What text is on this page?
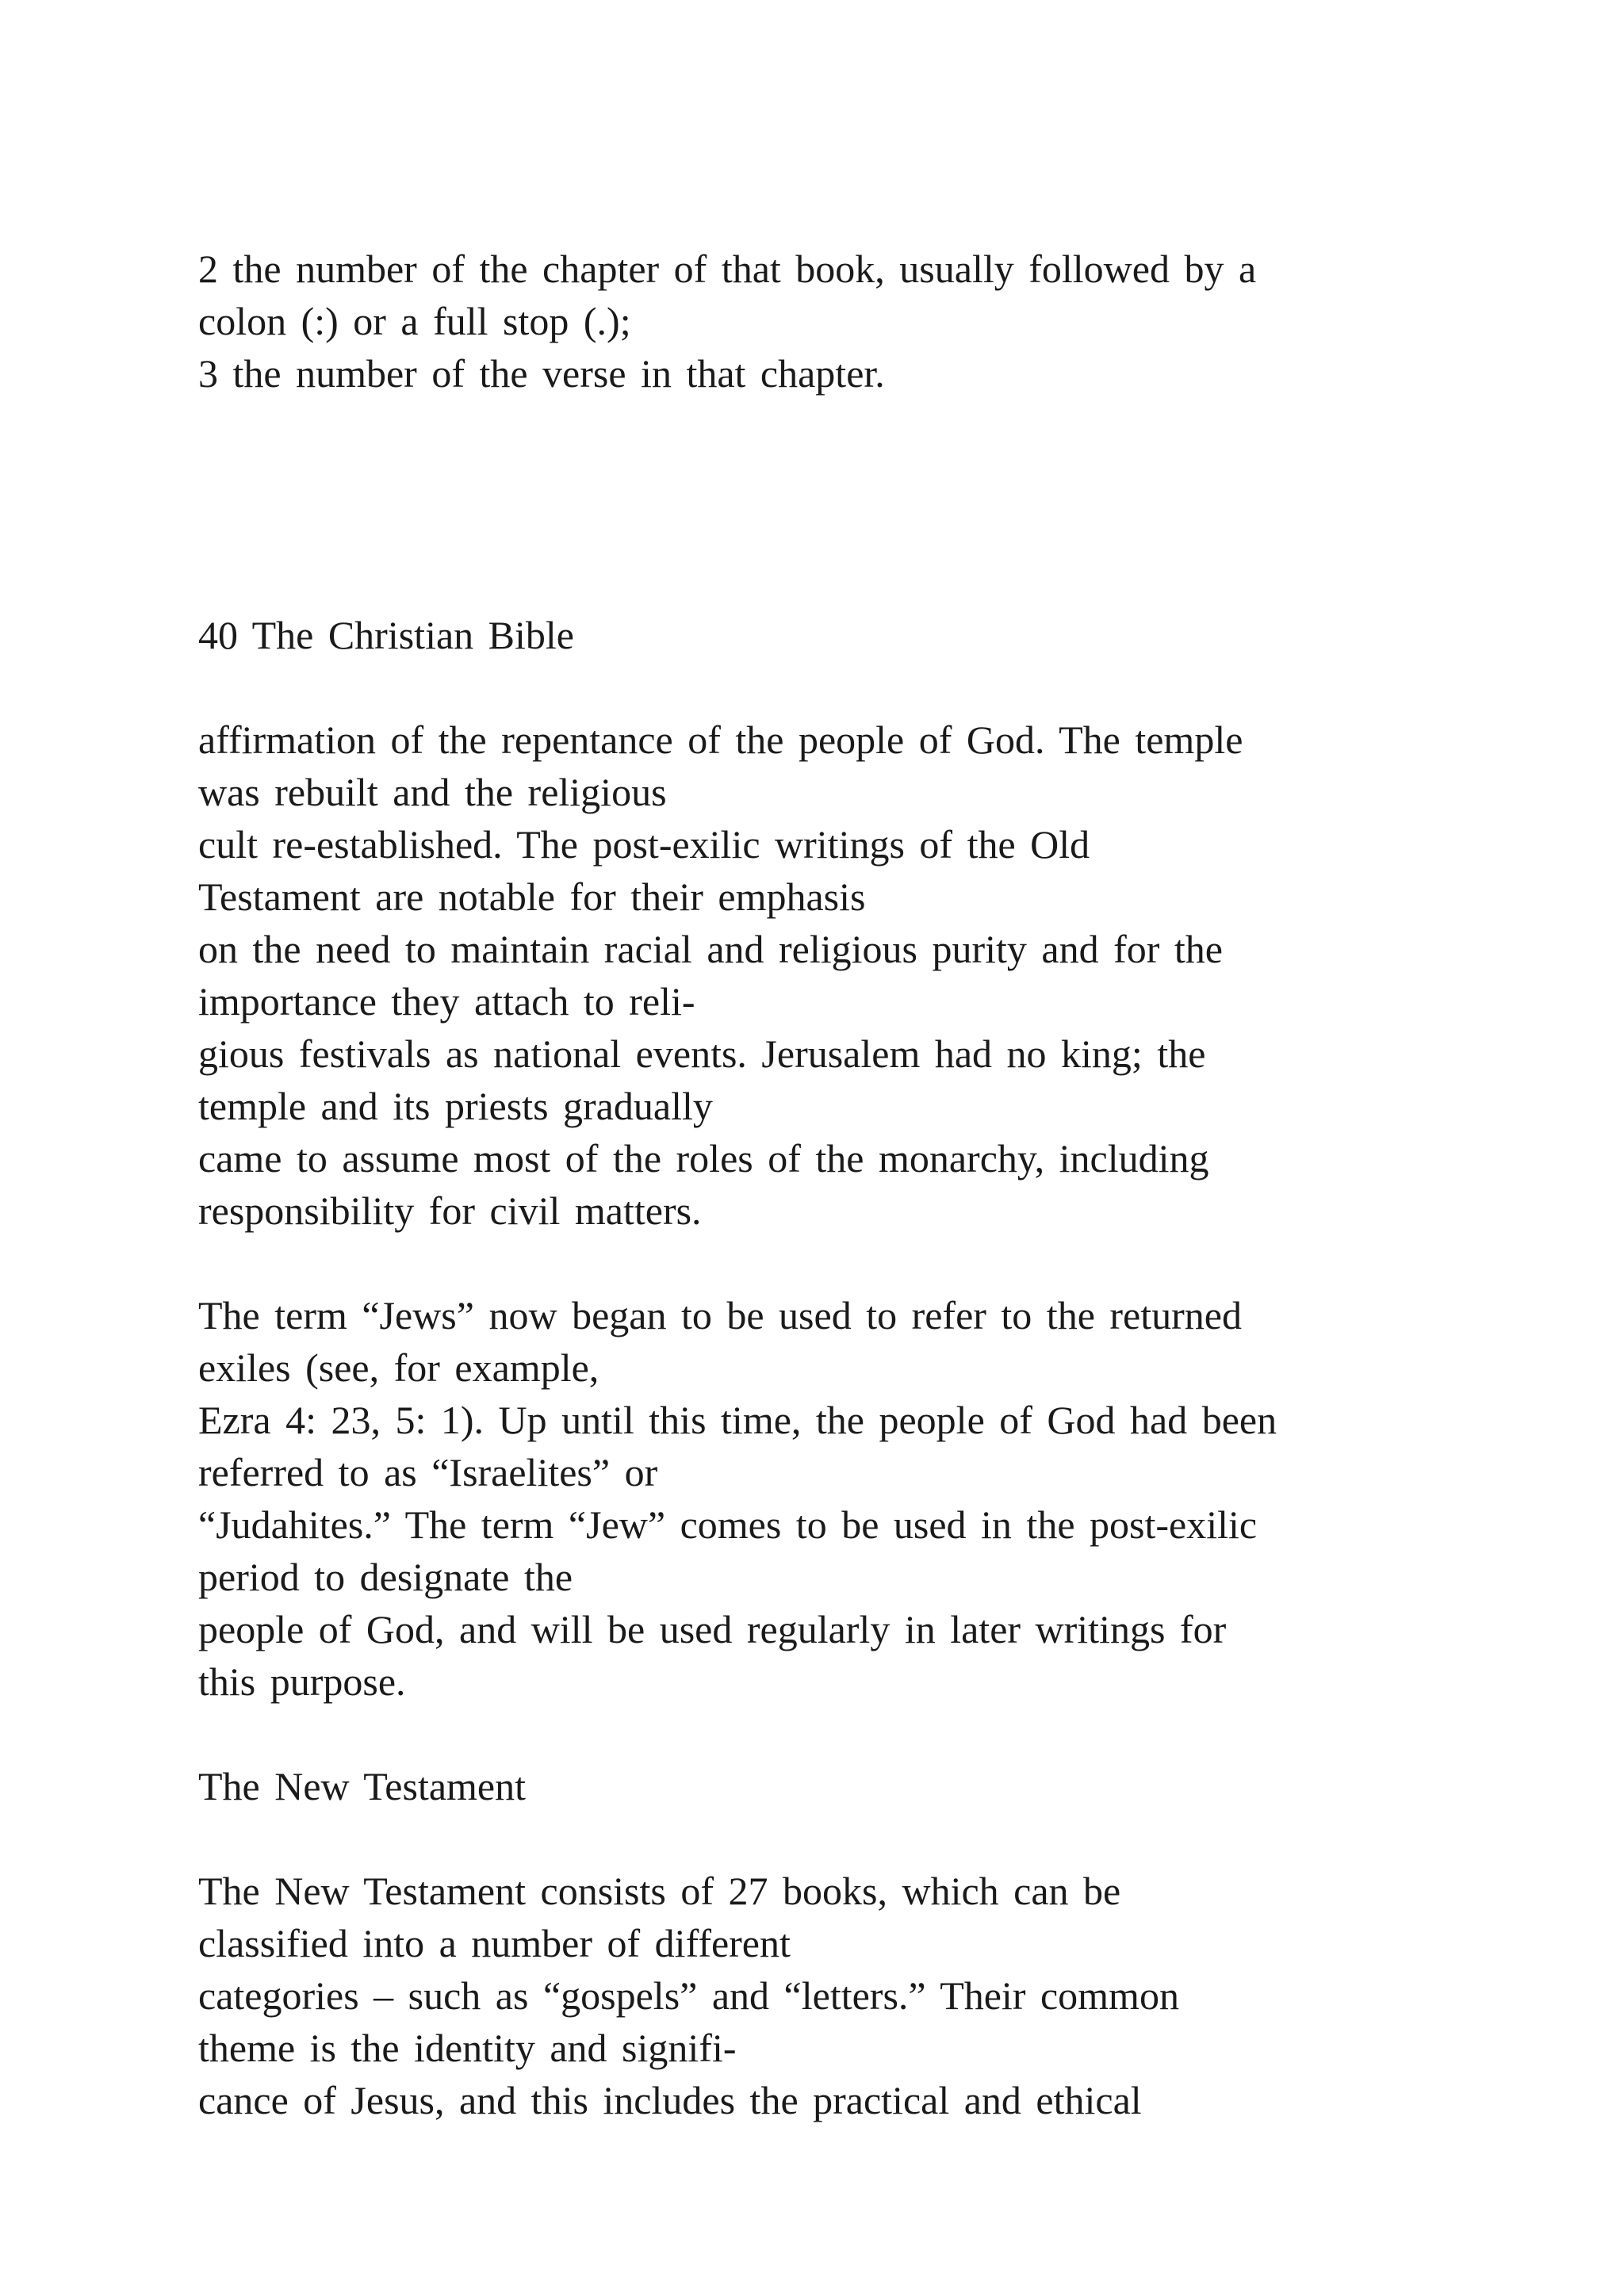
2 the number of the chapter of that book, usually followed by a
colon (:) or a full stop (.);
3 the number of the verse in that chapter.
40 The Christian Bible
affirmation of the repentance of the people of God. The temple
was rebuilt and the religious
cult re-established. The post-exilic writings of the Old
Testament are notable for their emphasis
on the need to maintain racial and religious purity and for the
importance they attach to reli-
gious festivals as national events. Jerusalem had no king; the
temple and its priests gradually
came to assume most of the roles of the monarchy, including
responsibility for civil matters.
The term “Jews” now began to be used to refer to the returned
exiles (see, for example,
Ezra 4: 23, 5: 1). Up until this time, the people of God had been
referred to as “Israelites” or
“Judahites.” The term “Jew” comes to be used in the post-exilic
period to designate the
people of God, and will be used regularly in later writings for
this purpose.
The New Testament
The New Testament consists of 27 books, which can be
classified into a number of different
categories – such as “gospels” and “letters.” Their common
theme is the identity and signifi-
cance of Jesus, and this includes the practical and ethical
